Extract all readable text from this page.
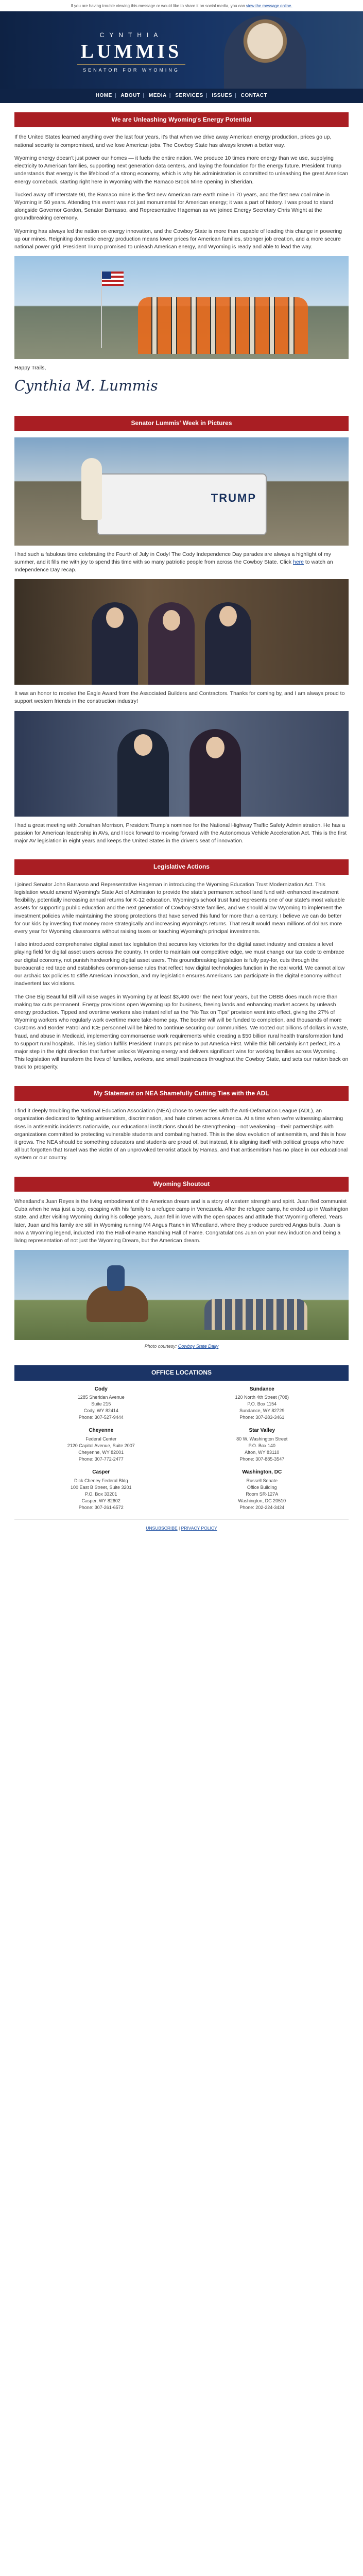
If you are having trouble viewing this message or would like to share it on social media, you can view the message online.
CYNTHIA
LUMMIS
SENATOR FOR WYOMING
HOME | ABOUT | MEDIA | SERVICES | ISSUES | CONTACT
We are Unleashing Wyoming's Energy Potential

If the United States learned anything over the last four years, it's that when we drive away American energy production, prices go up, national security is compromised, and we lose American jobs. The Cowboy State has always known a better way.

Wyoming energy doesn't just power our homes — it fuels the entire nation. We produce 10 times more energy than we use, supplying electricity to American families, supporting next generation data centers, and laying the foundation for the energy future. President Trump understands that energy is the lifeblood of a strong economy, which is why his administration is committed to unleashing the great American energy comeback, starting right here in Wyoming with the Ramaco Brook Mine opening in Sheridan.

Tucked away off Interstate 90, the Ramaco mine is the first new American rare earth mine in 70 years, and the first new coal mine in Wyoming in 50 years. Attending this event was not just monumental for American energy; it was a part of history. I was proud to stand alongside Governor Gordon, Senator Barrasso, and Representative Hageman as we joined Energy Secretary Chris Wright at the groundbreaking ceremony.

Wyoming has always led the nation on energy innovation, and the Cowboy State is more than capable of leading this change in powering up our mines. Reigniting domestic energy production means lower prices for American families, stronger job creation, and a more secure national power grid. President Trump promised to unleash American energy, and Wyoming is ready and able to lead the way.

Happy Trails,

Cynthia M. Lummis
Senator Lummis' Week in Pictures
TRUMP

I had such a fabulous time celebrating the Fourth of July in Cody! The Cody Independence Day parades are always a highlight of my summer, and it fills me with joy to spend this time with so many patriotic people from across the Cowboy State. Click here to watch an Independence Day recap.

It was an honor to receive the Eagle Award from the Associated Builders and Contractors. Thanks for coming by, and I am always proud to support western friends in the construction industry!

I had a great meeting with Jonathan Morrison, President Trump's nominee for the National Highway Traffic Safety Administration. He has a passion for American leadership in AVs, and I look forward to moving forward with the Autonomous Vehicle Acceleration Act. This is the first major AV legislation in eight years and keeps the United States in the driver's seat of innovation.

Legislative Actions

I joined Senator John Barrasso and Representative Hageman in introducing the Wyoming Education Trust Modernization Act. This legislation would amend Wyoming's State Act of Admission to provide the state's permanent school land fund with enhanced investment flexibility, potentially increasing annual returns for K-12 education. Wyoming's school trust fund represents one of our state's most valuable assets for supporting public education and the next generation of Cowboy-State families, and we should allow Wyoming to implement the investment policies while maintaining the strong protections that have served this fund for more than a century. I believe we can do better for our kids by investing that money more strategically and increasing Wyoming's returns. That result would mean millions of dollars more every year for Wyoming classrooms without raising taxes or touching Wyoming's principal investments.

I also introduced comprehensive digital asset tax legislation that secures key victories for the digital asset industry and creates a level playing field for digital asset users across the country. In order to maintain our competitive edge, we must change our tax code to embrace our digital economy, not punish hardworking digital asset users. This groundbreaking legislation is fully pay-for, cuts through the bureaucratic red tape and establishes common-sense rules that reflect how digital technologies function in the real world. We cannot allow our archaic tax policies to stifle American innovation, and my legislation ensures Americans can participate in the digital economy without inadvertent tax violations.

The One Big Beautiful Bill will raise wages in Wyoming by at least $3,400 over the next four years, but the OBBB does much more than making tax cuts permanent. Energy provisions open Wyoming up for business, freeing lands and enhancing market access by unleash energy production. Tipped and overtime workers also instant relief as the "No Tax on Tips" provision went into effect, giving the 27% of Wyoming workers who regularly work overtime more take-home pay. The border will will be funded to completion, and thousands of more Customs and Border Patrol and ICE personnel will be hired to continue securing our communities. We rooted out billions of dollars in waste, fraud, and abuse in Medicaid, implementing commonsense work requirements while creating a $50 billion rural health transformation fund to support rural hospitals. This legislation fulfills President Trump's promise to put America First. While this bill certainly isn't perfect, it's a major step in the right direction that further unlocks Wyoming energy and delivers significant wins for working families across Wyoming. This legislation will transform the lives of families, workers, and small businesses throughout the Cowboy State, and sets our nation back on track to prosperity.

My Statement on NEA Shamefully Cutting Ties with the ADL

I find it deeply troubling the National Education Association (NEA) chose to sever ties with the Anti-Defamation League (ADL), an organization dedicated to fighting antisemitism, discrimination, and hate crimes across America. At a time when we're witnessing alarming rises in antisemitic incidents nationwide, our educational institutions should be strengthening—not weakening—their partnerships with organizations committed to protecting vulnerable students and combating hatred. This is the slow evolution of antisemitism, and this is how it grows. The NEA should be something educators and students are proud of, but instead, it is aligning itself with political groups who have all but forgotten that Israel was the victim of an unprovoked terrorist attack by Hamas, and that antisemitism has no place in our educational system or our country.

Wyoming Shoutout

Wheatland's Juan Reyes is the living embodiment of the American dream and is a story of western strength and spirit. Juan fled communist Cuba when he was just a boy, escaping with his family to a refugee camp in Venezuela. After the refugee camp, he ended up in Washington state, and after visiting Wyoming during his college years, Juan fell in love with the open spaces and attitude that Wyoming offered. Years later, Juan and his family are still in Wyoming running M4 Angus Ranch in Wheatland, where they produce purebred Angus bulls. Juan is now a Wyoming legend, inducted into the Hall-of-Fame Ranching Hall of Fame. Congratulations Juan on your new induction and being a living representation of not just the Wyoming Dream, but the American dream.

Photo courtesy: Cowboy State Daily
OFFICE LOCATIONS
Cody
1285 Sheridan Avenue
Suite 215
Cody, WY 82414
Phone: 307-527-9444
Sundance
120 North 4th Street (708)
P.O. Box 1154
Sundance, WY 82729
Phone: 307-283-3461
Cheyenne
Federal Center
2120 Capitol Avenue, Suite 2007
Cheyenne, WY 82001
Phone: 307-772-2477
Star Valley
80 W. Washington Street
P.O. Box 140
Afton, WY 83110
Phone: 307-885-3547
Casper
Dick Cheney Federal Bldg
100 East B Street, Suite 3201
P.O. Box 33201
Casper, WY 82602
Phone: 307-261-6572
Washington, DC
Russell Senate
Office Building
Room SR-127A
Washington, DC 20510
Phone: 202-224-3424
UNSUBSCRIBE | PRIVACY POLICY
